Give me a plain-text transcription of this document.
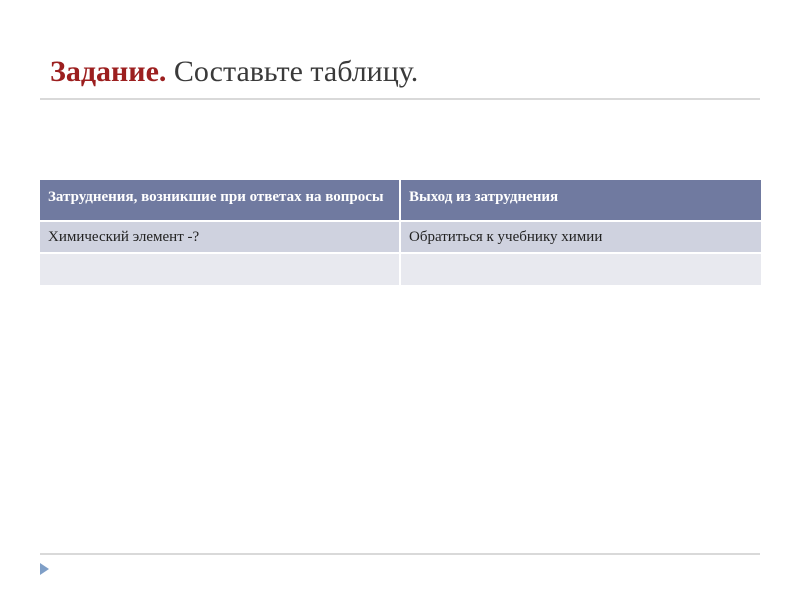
Задание. Составьте таблицу.
Затруднения, возникшие при ответах на вопросы	Выход из затруднения
Химический элемент -?	Обратиться к учебнику химии
